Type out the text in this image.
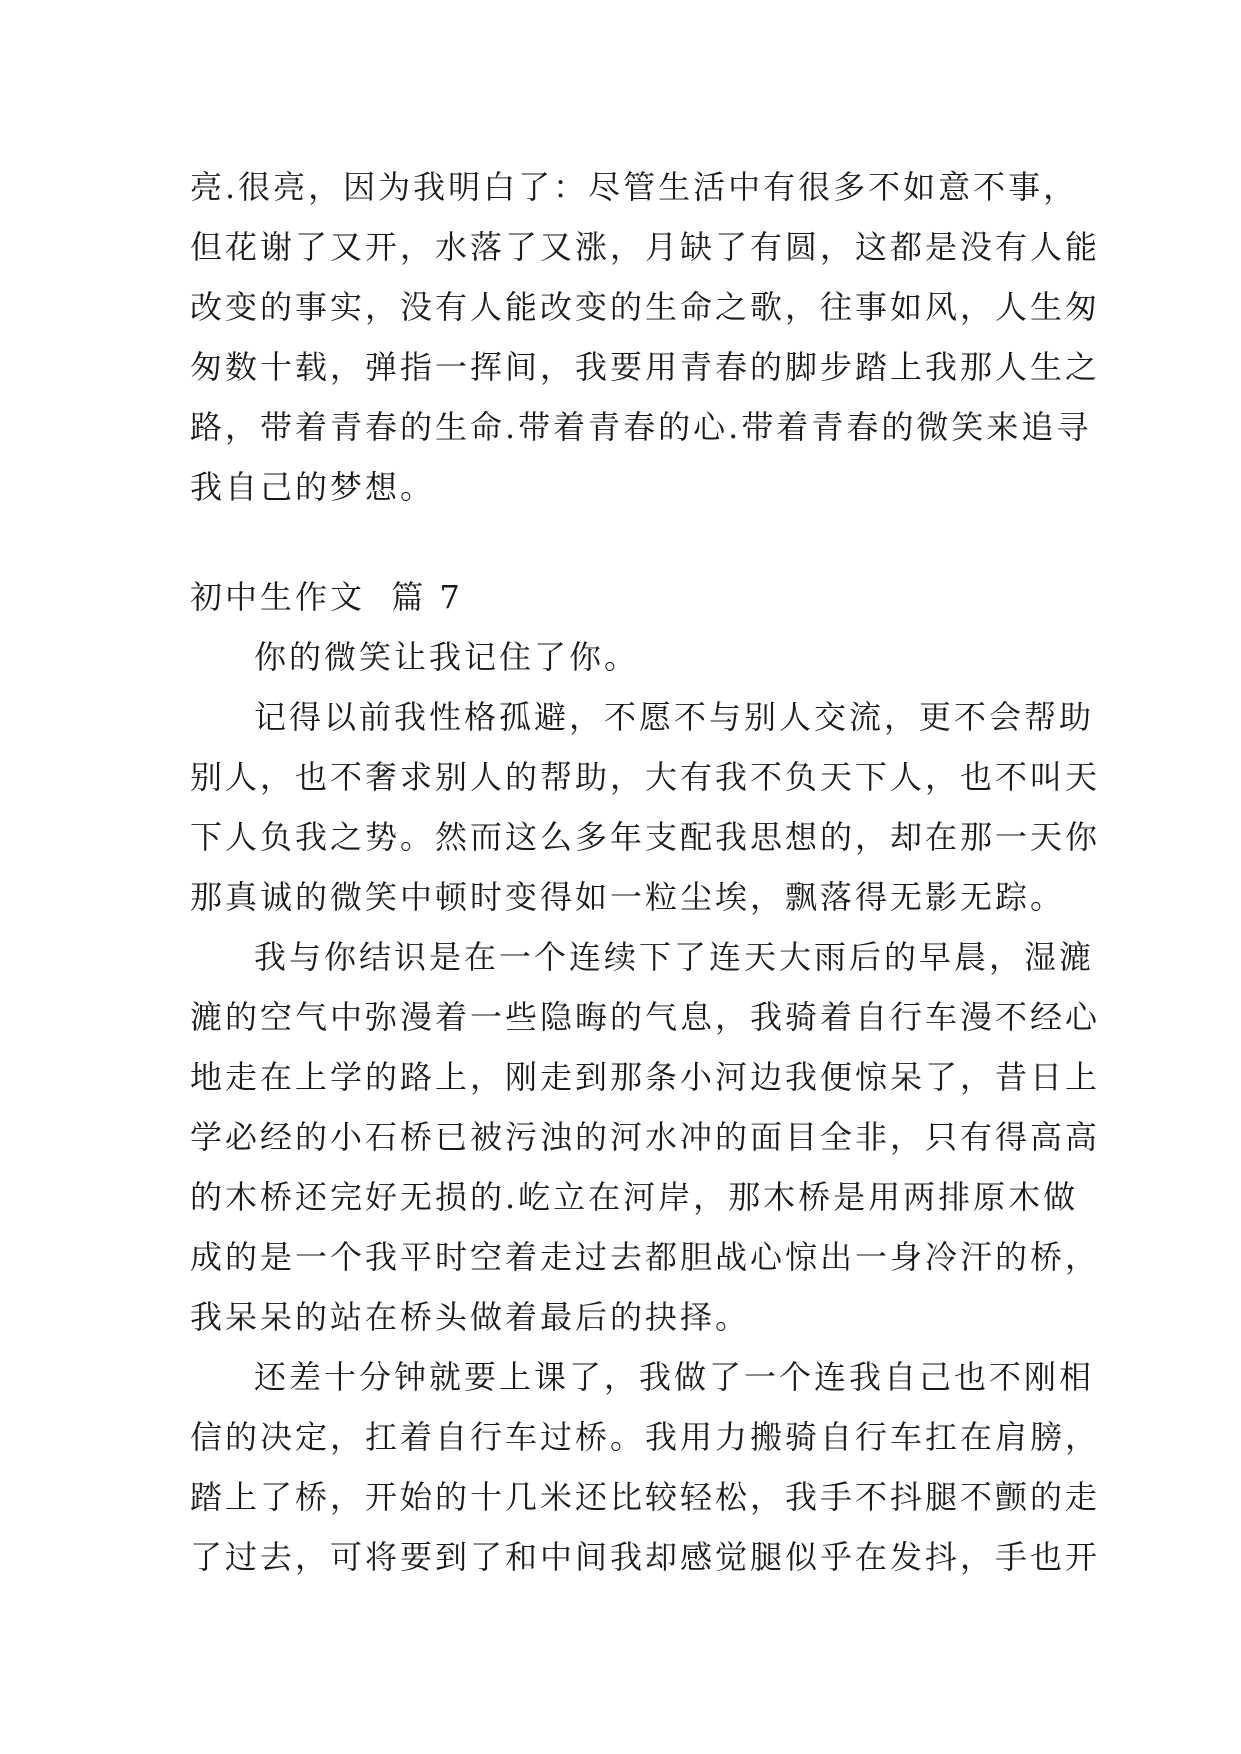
亮.很亮，因为我明白了：尽管生活中有很多不如意不事，
但花谢了又开，水落了又涨，月缺了有圆，这都是没有人能
改变的事实，没有人能改变的生命之歌，往事如风，人生匆
匆数十载，弹指一挥间，我要用青春的脚步踏上我那人生之
路，带着青春的生命.带着青春的心.带着青春的微笑来追寻
我自己的梦想。
初中生作文  篇 7
你的微笑让我记住了你。
记得以前我性格孤避，不愿不与别人交流，更不会帮助
别人，也不奢求别人的帮助，大有我不负天下人，也不叫天
下人负我之势。然而这么多年支配我思想的，却在那一天你
那真诚的微笑中顿时变得如一粒尘埃，飘落得无影无踪。
我与你结识是在一个连续下了连天大雨后的早晨，湿漉
漉的空气中弥漫着一些隐晦的气息，我骑着自行车漫不经心
地走在上学的路上，刚走到那条小河边我便惊呆了，昔日上
学必经的小石桥已被污浊的河水冲的面目全非，只有得高高
的木桥还完好无损的.屹立在河岸，那木桥是用两排原木做
成的是一个我平时空着走过去都胆战心惊出一身冷汗的桥，
我呆呆的站在桥头做着最后的抉择。
还差十分钟就要上课了，我做了一个连我自己也不刚相
信的决定，扛着自行车过桥。我用力搬骑自行车扛在肩膀，
踏上了桥，开始的十几米还比较轻松，我手不抖腿不颤的走
了过去，可将要到了和中间我却感觉腿似乎在发抖，手也开
